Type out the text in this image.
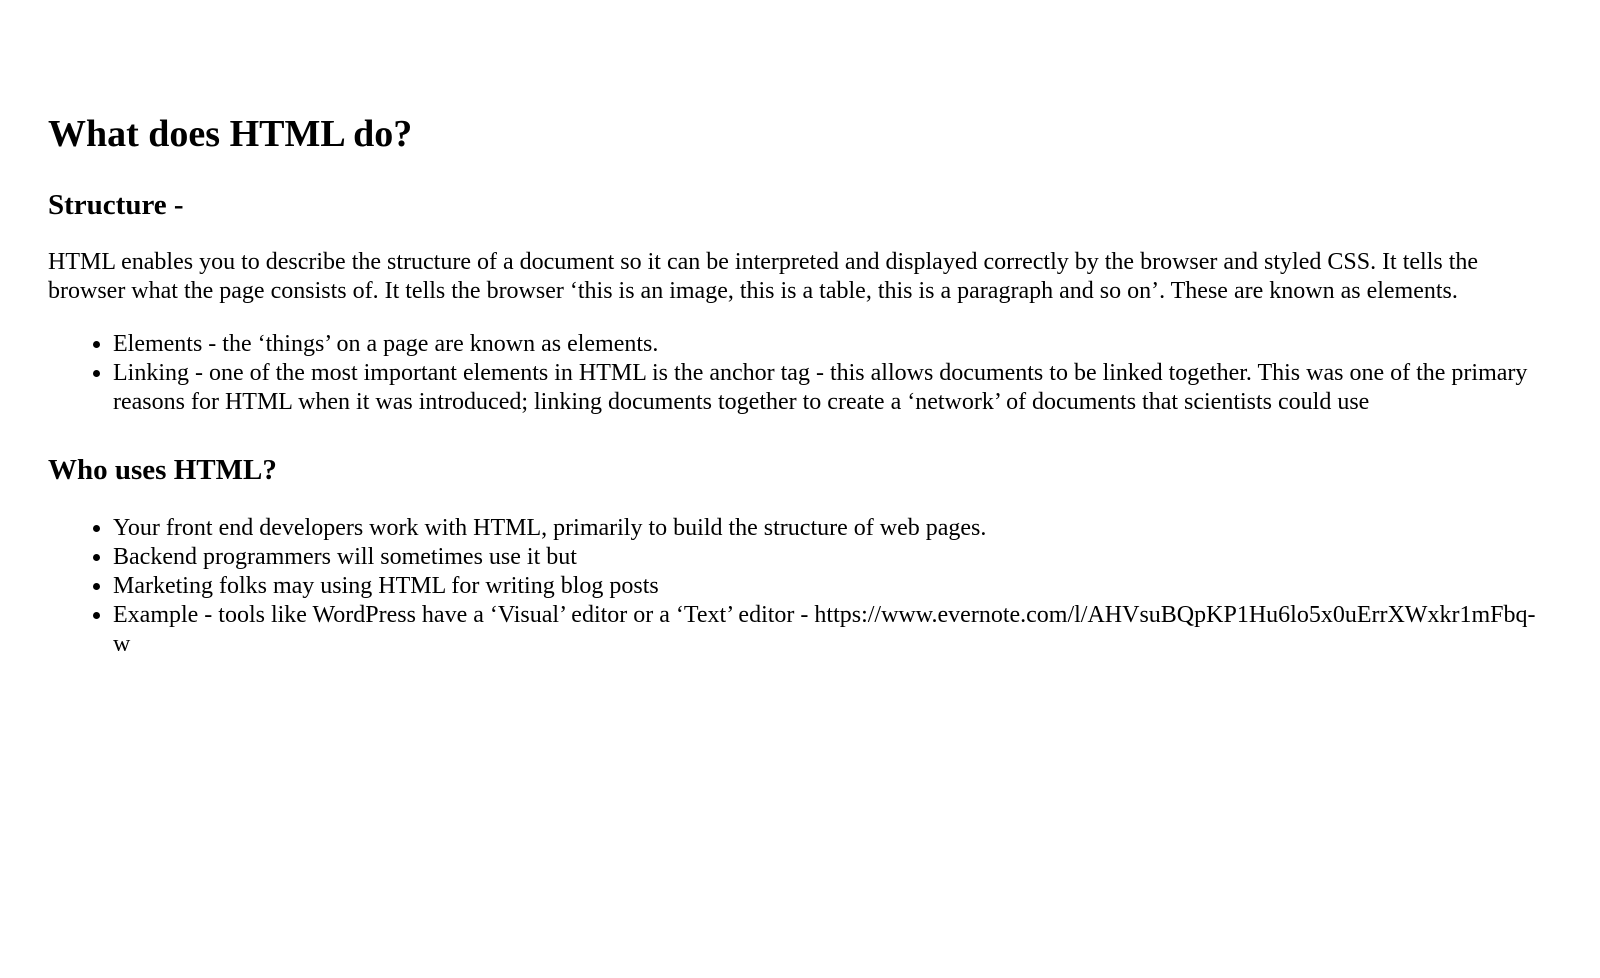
What does HTML do?
Structure -

HTML enables you to describe the structure of a document so it can be interpreted and displayed correctly by the browser and styled CSS. It tells the browser what the page consists of. It tells the browser ‘this is an image, this is a table, this is a paragraph and so on’. These are known as elements.

• Elements - the ‘things’ on a page are known as elements.
• Linking - one of the most important elements in HTML is the anchor tag - this allows documents to be linked together. This was one of the primary reasons for HTML when it was introduced; linking documents together to create a ‘network’ of documents that scientists could use
Who uses HTML?
• Your front end developers work with HTML, primarily to build the structure of web pages.
• Backend programmers will sometimes use it but
• Marketing folks may using HTML for writing blog posts
• Example - tools like WordPress have a ‘Visual’ editor or a ‘Text’ editor - https://www.evernote.com/l/AHVsuBQpKP1Hu6lo5x0uErrXWxkr1mFbq-w
